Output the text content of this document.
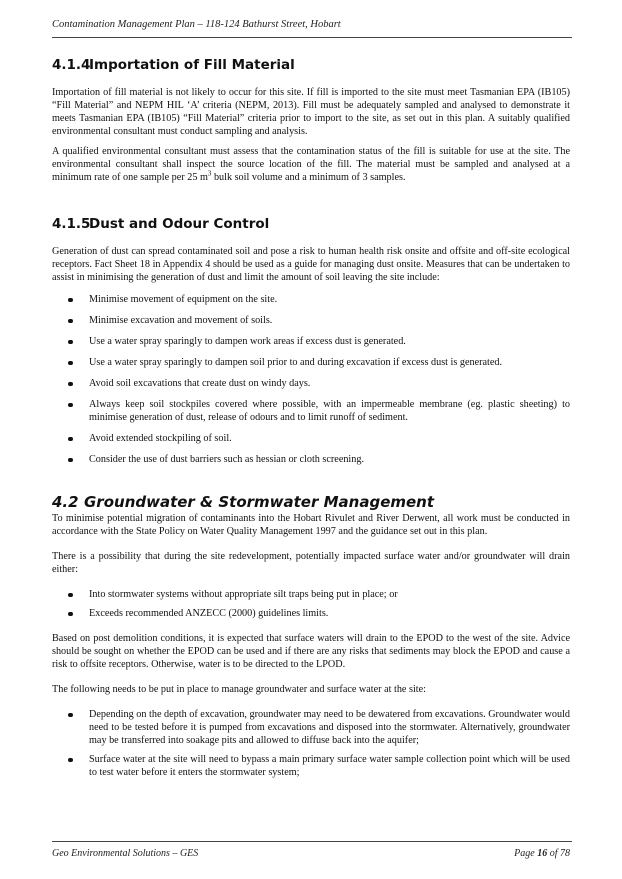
Contamination Management Plan – 118-124 Bathurst Street, Hobart
4.1.4Importation of Fill Material

Importation of fill material is not likely to occur for this site. If fill is imported to the site must meet Tasmanian EPA (IB105) “Fill Material” and NEPM HIL ‘A’ criteria (NEPM, 2013). Fill must be adequately sampled and analysed to demonstrate it meets Tasmanian EPA (IB105) “Fill Material” criteria prior to import to the site, as set out in this plan. A suitably qualified environmental consultant must conduct sampling and analysis.

A qualified environmental consultant must assess that the contamination status of the fill is suitable for use at the site. The environmental consultant shall inspect the source location of the fill. The material must be sampled and analysed at a minimum rate of one sample per 25 $m^3$ bulk soil volume and a minimum of 3 samples.

4.1.5Dust and Odour Control

Generation of dust can spread contaminated soil and pose a risk to human health risk onsite and offsite and off-site ecological receptors. Fact Sheet 18 in Appendix 4 should be used as a guide for managing dust onsite. Measures that can be undertaken to assist in minimising the generation of dust and limit the amount of soil leaving the site include:

Minimise movement of equipment on the site.
Minimise excavation and movement of soils.
Use a water spray sparingly to dampen work areas if excess dust is generated.
Use a water spray sparingly to dampen soil prior to and during excavation if excess dust is generated.
Avoid soil excavations that create dust on windy days.
Always keep soil stockpiles covered where possible, with an impermeable membrane (eg. plastic sheeting) to minimise generation of dust, release of odours and to limit runoff of sediment.
Avoid extended stockpiling of soil.
Consider the use of dust barriers such as hessian or cloth screening.
4.2 Groundwater & Stormwater Management

To minimise potential migration of contaminants into the Hobart Rivulet and River Derwent, all work must be conducted in accordance with the State Policy on Water Quality Management 1997 and the guidance set out in this plan.

There is a possibility that during the site redevelopment, potentially impacted surface water and/or groundwater will drain either:

Into stormwater systems without appropriate silt traps being put in place; or
Exceeds recommended ANZECC (2000) guidelines limits.

Based on post demolition conditions, it is expected that surface waters will drain to the EPOD to the west of the site. Advice should be sought on whether the EPOD can be used and if there are any risks that sediments may block the EPOD and cause a risk to offsite receptors. Otherwise, water is to be directed to the LPOD.

The following needs to be put in place to manage groundwater and surface water at the site:

Depending on the depth of excavation, groundwater may need to be dewatered from excavations. Groundwater would need to be tested before it is pumped from excavations and disposed into the stormwater. Alternatively, groundwater may be transferred into soakage pits and allowed to diffuse back into the aquifer;
Surface water at the site will need to bypass a main primary surface water sample collection point which will be used to test water before it enters the stormwater system;
Geo Environmental Solutions – GES	Page 16 of 78
